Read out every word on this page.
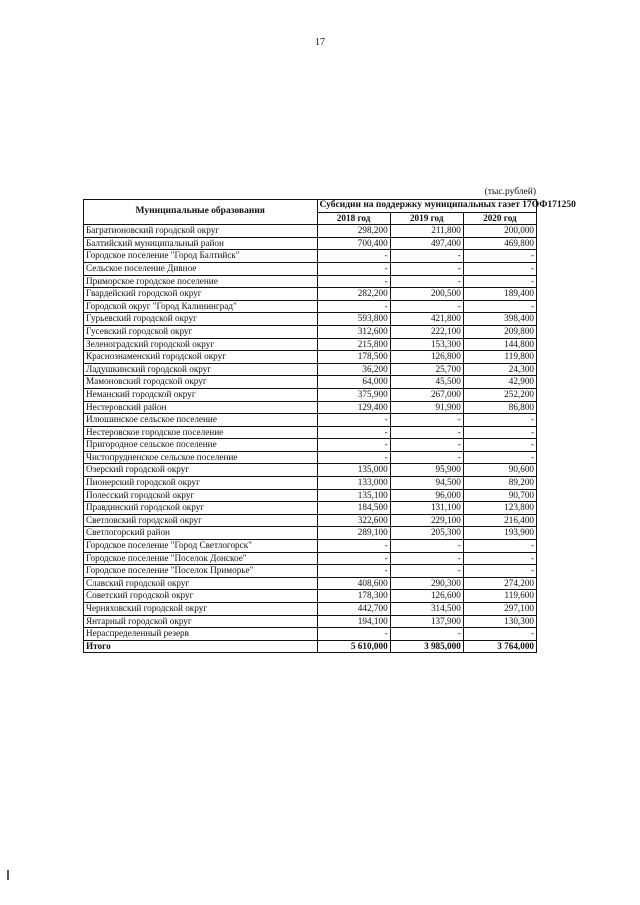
17
(тыс.рублей)
Муниципальные образования	Субсидии на поддержку муниципальных газет 17ОФ171250		
	2018 год	2019 год	2020 год
Багратионовский городской округ	298,200	211,800	200,000
Балтийский муниципальный район	700,400	497,400	469,800
Городское поселение "Город Балтийск"	-	-	-
Сельское поселение Дивное	-	-	-
Приморское городское поселение	-	-	-
Гвардейский городской округ	282,200	200,500	189,400
Городской округ "Город Калининград"	-	-	-
Гурьевский городской округ	593,800	421,800	398,400
Гусевский городской округ	312,600	222,100	209,800
Зеленоградский городской округ	215,800	153,300	144,800
Краснознаменский городской округ	178,500	126,800	119,800
Ладушкинский городской округ	36,200	25,700	24,300
Мамоновский городской округ	64,000	45,500	42,900
Неманский городской округ	375,900	267,000	252,200
Нестеровский район	129,400	91,900	86,800
Илюшинское сельское поселение	-	-	-
Нестеровское городское поселение	-	-	-
Пригородное сельское поселение	-	-	-
Чистопрудненское сельское поселение	-	-	-
Озерский городской округ	135,000	95,900	90,600
Пионерский городской округ	133,000	94,500	89,200
Полесский городской округ	135,100	96,000	90,700
Правдинский городской округ	184,500	131,100	123,800
Светловский городской округ	322,600	229,100	216,400
Светлогорский район	289,100	205,300	193,900
Городское поселение "Город Светлогорск"	-	-	-
Городское поселение "Поселок Донское"	-	-	-
Городское поселение "Поселок Приморье"	-	-	-
Славский городской округ	408,600	290,300	274,200
Советский городской округ	178,300	126,600	119,600
Черняховский городской округ	442,700	314,500	297,100
Янтарный городской округ	194,100	137,900	130,300
Нераспределенный резерв	-	-	-
Итого	5 610,000	3 985,000	3 764,000
